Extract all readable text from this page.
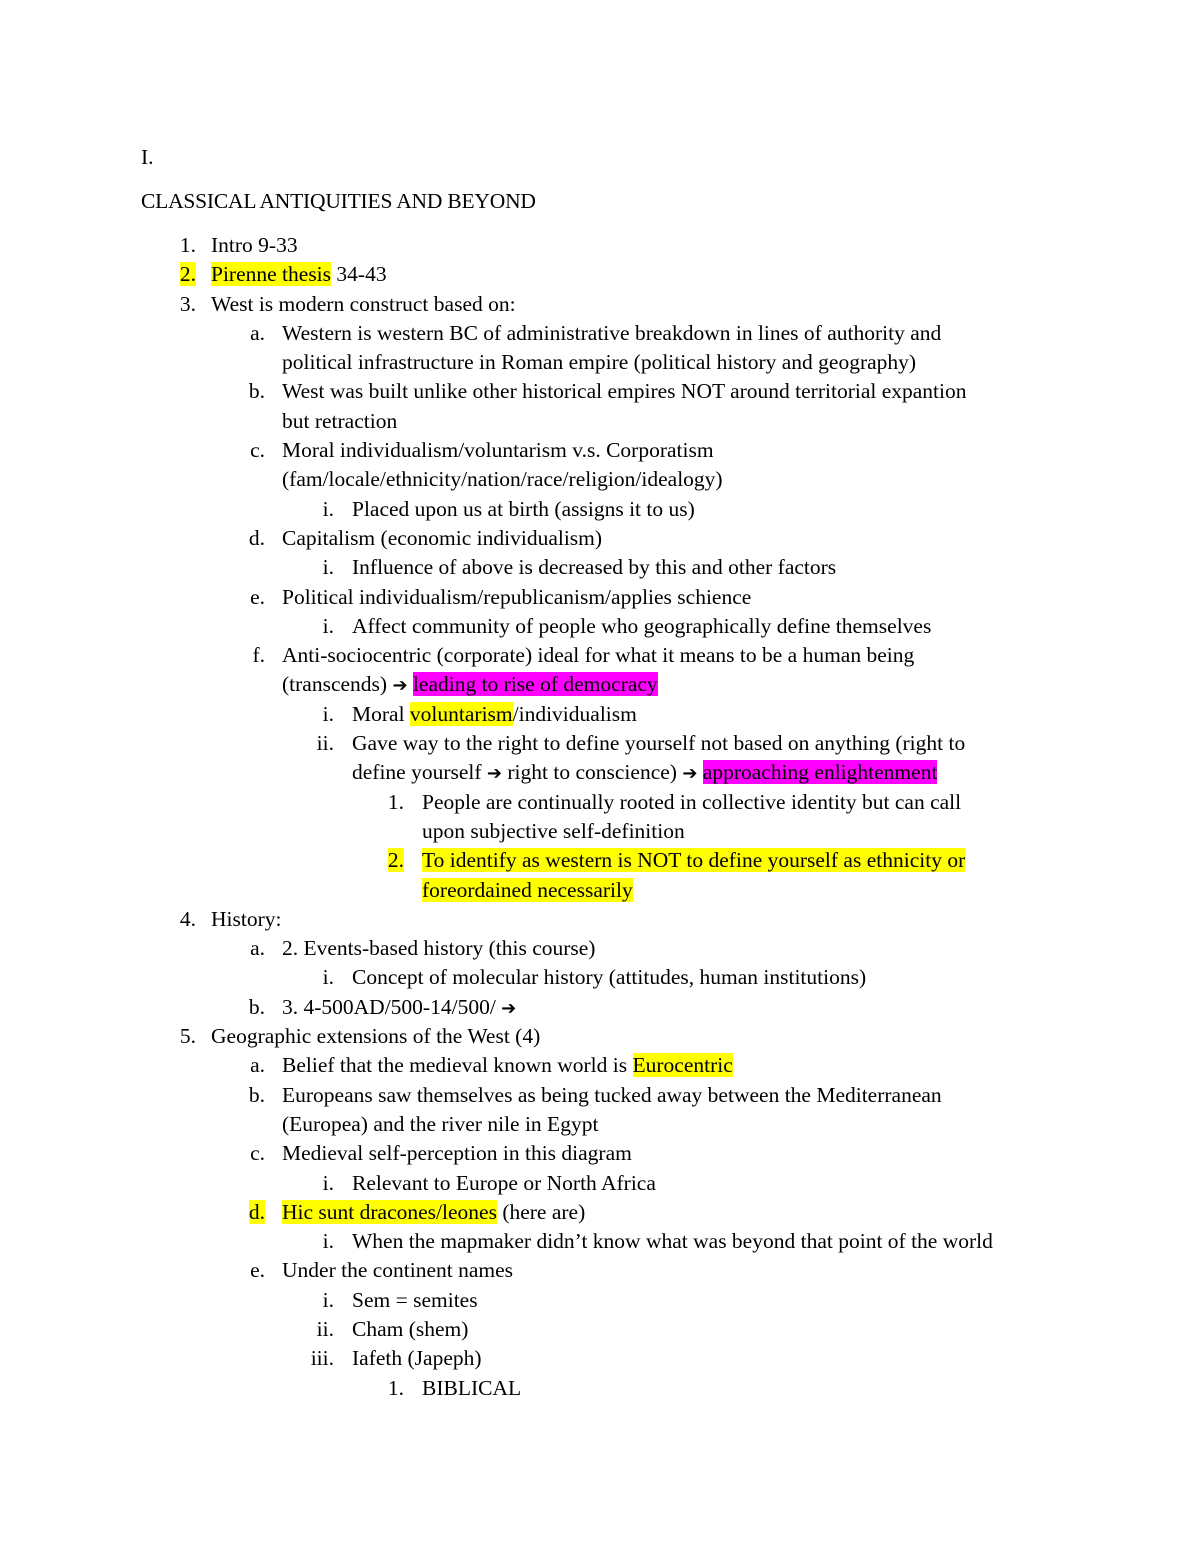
I.
CLASSICAL ANTIQUITIES AND BEYOND
1. Intro 9-33
2. Pirenne thesis 34-43
3. West is modern construct based on:
a. Western is western BC of administrative breakdown in lines of authority and
political infrastructure in Roman empire (political history and geography)
b. West was built unlike other historical empires NOT around territorial expantion
but retraction
c. Moral individualism/voluntarism v.s. Corporatism
(fam/locale/ethnicity/nation/race/religion/idealogy)
i. Placed upon us at birth (assigns it to us)
d. Capitalism (economic individualism)
i. Influence of above is decreased by this and other factors
e. Political individualism/republicanism/applies schience
i. Affect community of people who geographically define themselves
f. Anti-sociocentric (corporate) ideal for what it means to be a human being
(transcends) ➔ leading to rise of democracy
i. Moral voluntarism/individualism
ii. Gave way to the right to define yourself not based on anything (right to
define yourself ➔ right to conscience) ➔ approaching enlightenment
1. People are continually rooted in collective identity but can call
upon subjective self-definition
2. To identify as western is NOT to define yourself as ethnicity or
foreordained necessarily
4. History:
a. 2. Events-based history (this course)
i. Concept of molecular history (attitudes, human institutions)
b. 3. 4-500AD/500-14/500/ ➔
5. Geographic extensions of the West (4)
a. Belief that the medieval known world is Eurocentric
b. Europeans saw themselves as being tucked away between the Mediterranean
(Europea) and the river nile in Egypt
c. Medieval self-perception in this diagram
i. Relevant to Europe or North Africa
d. Hic sunt dracones/leones (here are)
i. When the mapmaker didn’t know what was beyond that point of the world
e. Under the continent names
i. Sem = semites
ii. Cham (shem)
iii. Iafeth (Japeph)
1. BIBLICAL
